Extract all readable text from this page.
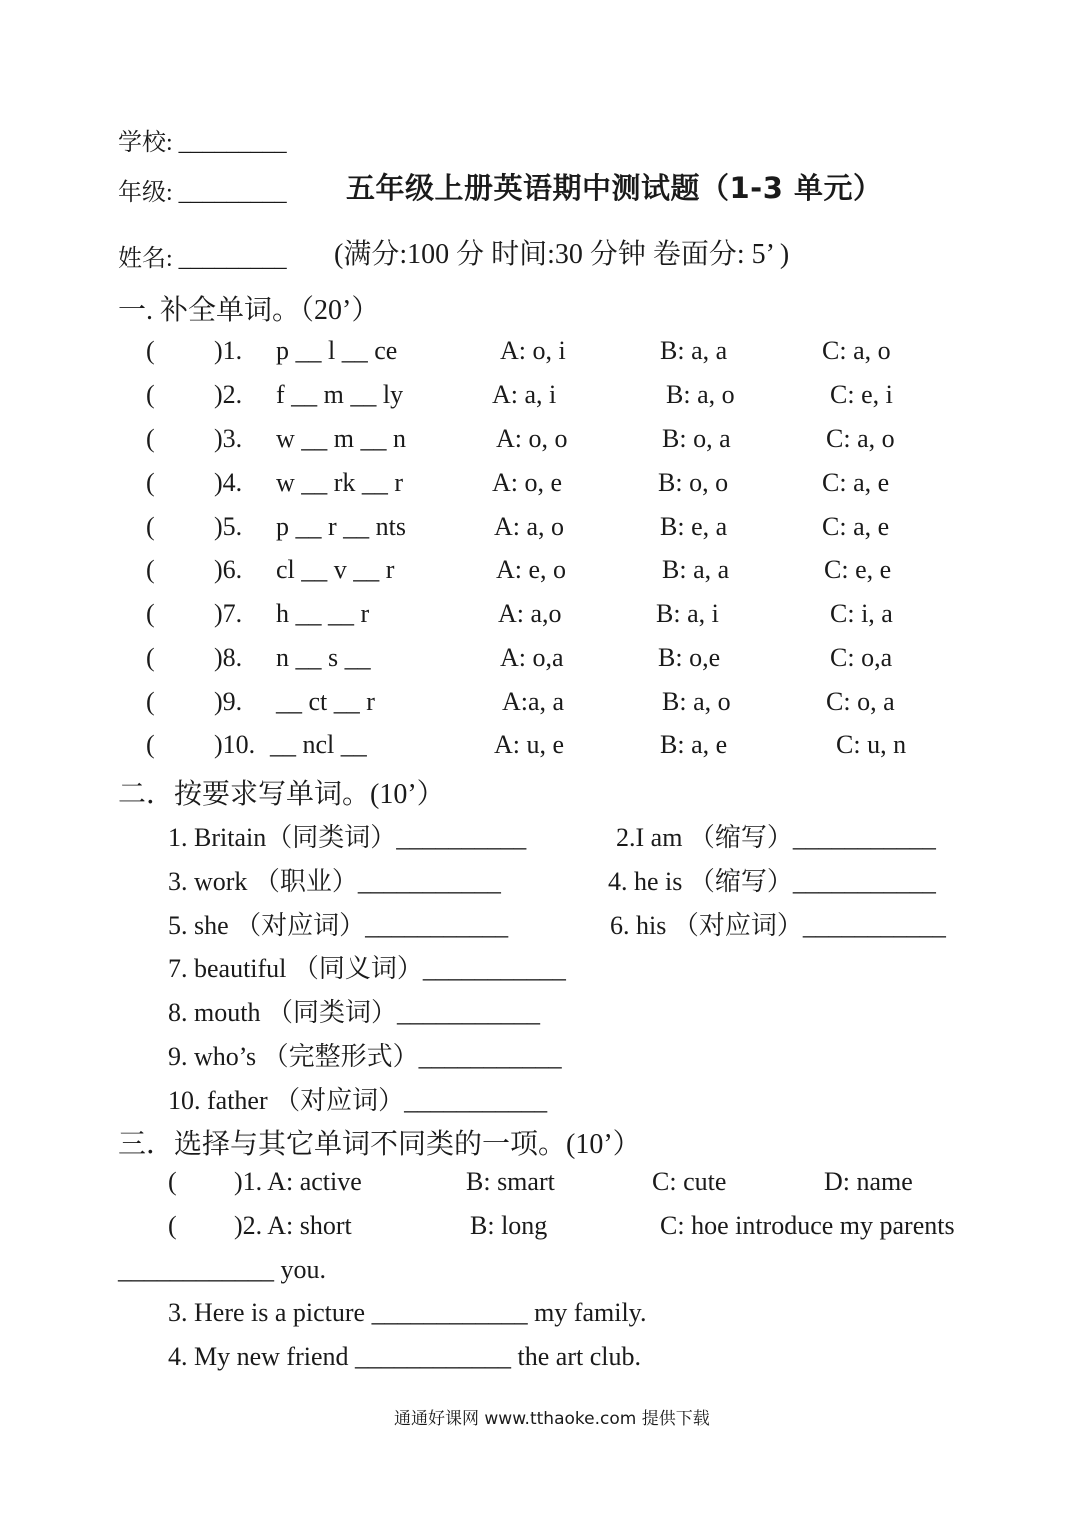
学校: _________
年级: _________ 五年级上册英语期中测试题（1-3 单元）
姓名: _________ (满分:100 分 时间:30 分钟 卷面分: 5’ )
一. 补全单词。（20’）
( )1. p __ l __ ce	A: o, i	B: a, a	C: a, o
( )2. f __ m __ ly	A: a, i	B: a, o	C: e, i
( )3. w __ m __ n	A: o, o	B: o, a	C: a, o
( )4. w __ rk __ r	A: o, e	B: o, o	C: a, e
( )5. p __ r __ nts	A: a, o	B: e, a	C: a, e
( )6. cl __ v __ r	A: e, o	B: a, a	C: e, e
( )7. h __ __ r	A: a,o	B: a, i	C: i, a
( )8. n __ s __	A: o,a	B: o,e	C: o,a
( )9. __ ct __ r	A:a, a	B: a, o	C: o, a
( )10. __ ncl __	A: u, e	B: a, e	C: u, n
二．按要求写单词。(10’）
1. Britain（同类词）__________	2.I am （缩写）___________
3. work （职业）___________	4. he is （缩写）___________
5. she （对应词）___________	6. his （对应词）___________
7. beautiful （同义词）___________
8. mouth （同类词）___________
9. who’s （完整形式）___________
10. father （对应词）___________
三．选择与其它单词不同类的一项。(10’）
( )1. A: active	B: smart	C: cute	D: name
( )2. A: short	B: long	C: hoe introduce my parents
____________ you.
3. Here is a picture ____________ my family.
4. My new friend ____________ the art club.
通通好课网 www.tthaoke.com 提供下载
